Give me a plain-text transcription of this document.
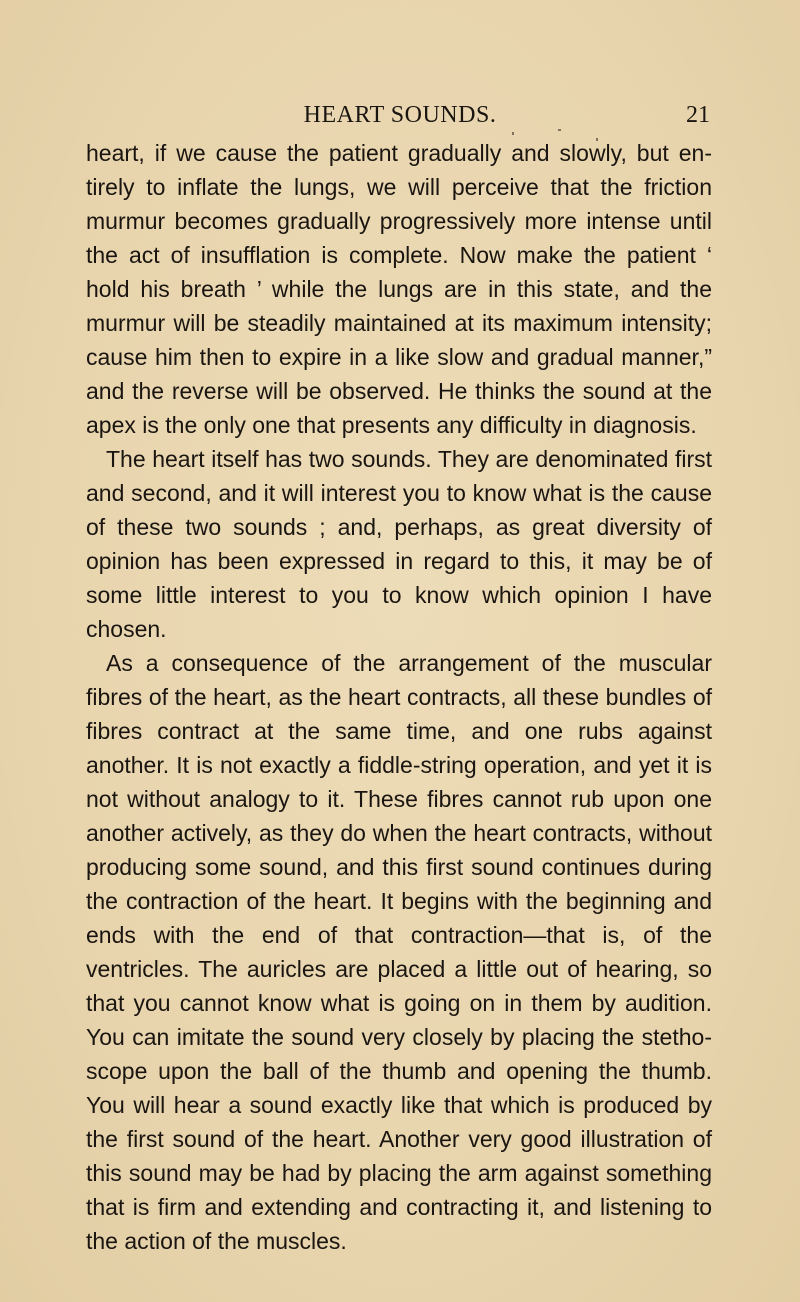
HEART SOUNDS.	21

heart, if we cause the patient gradually and slowly, but entirely to inflate the lungs, we will perceive that the friction murmur becomes gradually progressively more intense until the act of insufflation is complete. Now make the patient ‘ hold his breath ’ while the lungs are in this state, and the murmur will be steadily maintained at its maximum intensity; cause him then to expire in a like slow and gradual manner,” and the reverse will be observed. He thinks the sound at the apex is the only one that presents any difficulty in diagnosis.

The heart itself has two sounds. They are denominated first and second, and it will interest you to know what is the cause of these two sounds ; and, perhaps, as great diversity of opinion has been expressed in regard to this, it may be of some little interest to you to know which opinion I have chosen.

As a consequence of the arrangement of the muscular fibres of the heart, as the heart contracts, all these bundles of fibres contract at the same time, and one rubs against another. It is not exactly a fiddle-string operation, and yet it is not without analogy to it. These fibres cannot rub upon one another actively, as they do when the heart contracts, without producing some sound, and this first sound continues during the contraction of the heart. It begins with the beginning and ends with the end of that contraction—that is, of the ventricles. The auricles are placed a little out of hearing, so that you cannot know what is going on in them by audition. You can imitate the sound very closely by placing the stethoscope upon the ball of the thumb and opening the thumb. You will hear a sound exactly like that which is produced by the first sound of the heart. Another very good illustration of this sound may be had by placing the arm against something that is firm and extending and contracting it, and listening to the action of the muscles.
